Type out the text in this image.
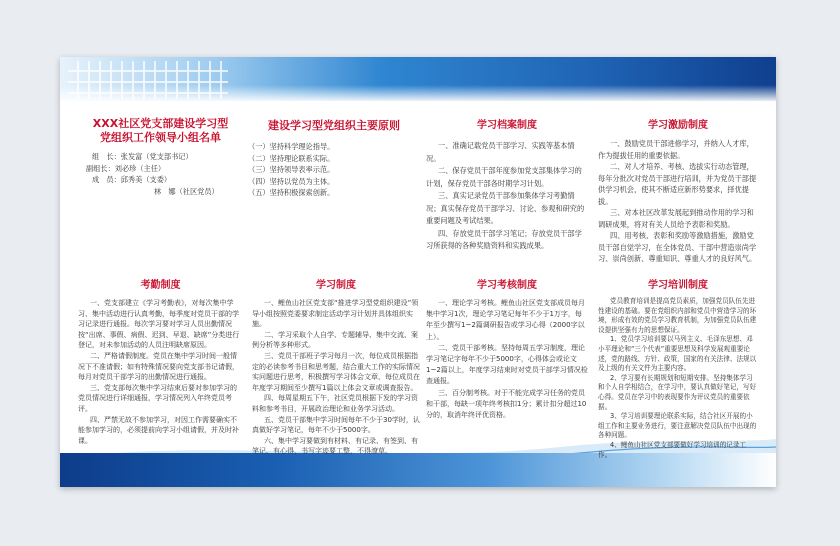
XXX社区党支部建设学习型

党组织工作领导小组名单

组　长：张发富（党支部书记）

副组长：刘必珍（主任）

成　员：邱秀美（支委）

林　娜（社区党员）

建设学习型党组织主要原则

（一）坚持科学理论指导。

（二）坚持理论联系实际。

（三）坚持领导表率示范。

（四）坚持以党员为主体。

（五）坚持积极探索创新。

学习档案制度

一、准确记载党员干部学习、实践等基本情况。

二、保存党员干部年度参加党支部集体学习的计划，保存党员干部各时期学习计划。

三、真实记录党员干部参加集体学习考勤情况；真实保存党员干部学习、讨论、参观和研究的重要问题及考试结果。

四、存放党员干部学习笔记；存放党员干部学习所获得的各种奖励资料和实践成果。

学习激励制度

一、鼓励党员干部进修学习，并纳入人才库，作为提拔任用的重要依据。

二、对人才培养、考核、选拔实行动态管理，每年分批次对党员干部进行培训，并为党员干部提供学习机会，使其不断适应新形势要求，择优提拔。

三、对本社区改革发展起到推动作用的学习和调研成果，将对有关人员给予表彰和奖励。

四、用考核、表彰和奖励等激励措施，激励党员干部自觉学习，在全体党员、干部中营造崇尚学习、崇尚创新、尊重知识、尊重人才的良好风气。

考勤制度

一、党支部建立《学习考勤表》，对每次集中学习、集中活动进行认真考勤，每季度对党员干部的学习记录进行通报。每次学习要对学习人员出勤情况按“出席、事假、病假、迟到、早退、缺席”分类进行登记，对未参加活动的人员注明缺席原因。

二、严格请假制度。党员在集中学习时间一般情况下不准请假；如有特殊情况要向党支部书记请假，每月对党员干部学习的出勤情况进行通报。

三、党支部每次集中学习结束后要对参加学习的党员情况进行详细通报，学习情况列入年终党员考评。

四、严禁无故不参加学习，对因工作需要确实不能参加学习的，必须提前向学习小组请假，并及时补课。

学习制度

一、鲤鱼山社区党支部“推进学习型党组织建设”领导小组按照党委要求制定活动学习计划并具体组织实施。

二、学习采取个人自学、专题辅导、集中交流、案例分析等多种形式。

三、党员干部班子学习每月一次，每位成员根据指定的必读参考书目和思考题，结合重大工作的实际情况实问题进行思考，积极撰写学习体会文章，每位成员在年度学习期间至少撰写1篇以上体会文章或调查报告。

四、每周星期五下午，社区党员根据下发的学习资料和参考书目，开展政治理论和业务学习活动。

五、党员干部集中学习时间每年不少于30学时，认真做好学习笔记，每年不少于5000字。

六、集中学习要做到有材料、有记录、有签到、有笔记、有心得，书写字迹要工整，不得潦草。

学习考核制度

一、理论学习考核。鲤鱼山社区党支部成员每月集中学习1次，理论学习笔记每年不少于1万字，每年至少撰写1~2篇调研报告或学习心得（2000字以上）。

二、党员干部考核。坚持每周五学习制度，理论学习笔记字每年不少于5000字，心得体会或论文1~2篇以上，年度学习结束时对党员干部学习情况检查通报。

三、百分制考核。对于不能完成学习任务的党员和干部，每缺一项年终考核扣1分；累计扣分超过10分的，取消年终评优资格。

学习培训制度

党员教育培训是提高党员素质，加强党员队伍先进性建设的基础。要在党组织内部和党员中营造学习的环境，形成有效的党员学习教育机制，为加强党员队伍建设提供坚强有力的思想保证。

1、党员学习培训要以马列主义、毛泽东思想、邓小平理论和“三个代表”重要思想及科学发展观重要论述，党的路线、方针、政策，国家的有关法律、法规以及上级的有关文件为主要内容。

2、学习要有长期规划和短期安排。坚持集体学习和个人自学相结合，在学习中，要认真做好笔记，写好心得。党员在学习中的表现要作为评议党员的重要依据。

3、学习培训要理论联系实际，结合社区开展的小组工作和主要业务进行，要注意解决党员队伍中出现的各种问题。

4、鲤鱼山社区党支部要做好学习培训的记录工作。
